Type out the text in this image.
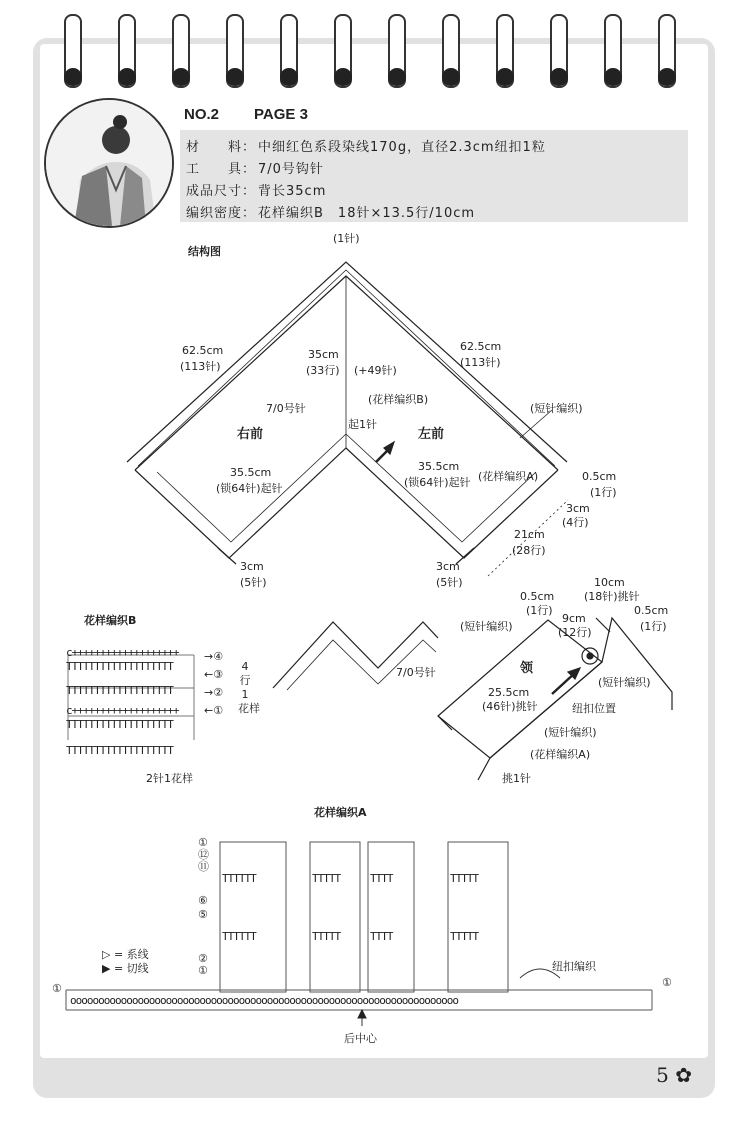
NO.2 PAGE 3
材　　料： 中细红色系段染线170g，直径2.3cm纽扣1粒
工　　具： 7/0号钩针
成品尺寸： 背长35cm
编织密度： 花样编织B　18针×13.5行/10cm
结构图
(1针)
62.5cm
(113针)
62.5cm
(113针)
35cm
(33行) (+49针)
7/0号针
(花样编织B)
(短针编织)
右前	左前
起1针
35.5cm
(锁64针)起针
35.5cm
(锁64针)起针 (花样编织A)	0.5cm
(1行)
3cm
(4行)
21cm
(28行)
3cm
(5针)
3cm
(5针)
7/0号针
(短针编织)
0.5cm
(1行)
10cm
(18针)挑针
9cm
(12行)
0.5cm
(1行)
领
25.5cm
(46针)挑针
(短针编织)
纽扣位置
(短针编织)
(花样编织A)
挑1针
花样编织B
c+++++++++++++++++++
TTTTTTTTTTTTTTTTTTT
TTTTTTTTTTTTTTTTTTT
c+++++++++++++++++++
TTTTTTTTTTTTTTTTTTT
TTTTTTTTTTTTTTTTTTT
→④
←③
→②
←①
4
行
1
花样
2针1花样
花样编织A
①
⑫
⑪
⑥
⑤
②
①
▷ = 系线
▶ = 切线	纽扣编织
后中心
①	①
TTTTTT	TTTTT	TTTT	TTTTT
TTTTTT	TTTTT	TTTT	TTTTT
ooooooooooooooooooooooooooooooooooooooooooooooooooooooooooooooooooooo
5 ✿
